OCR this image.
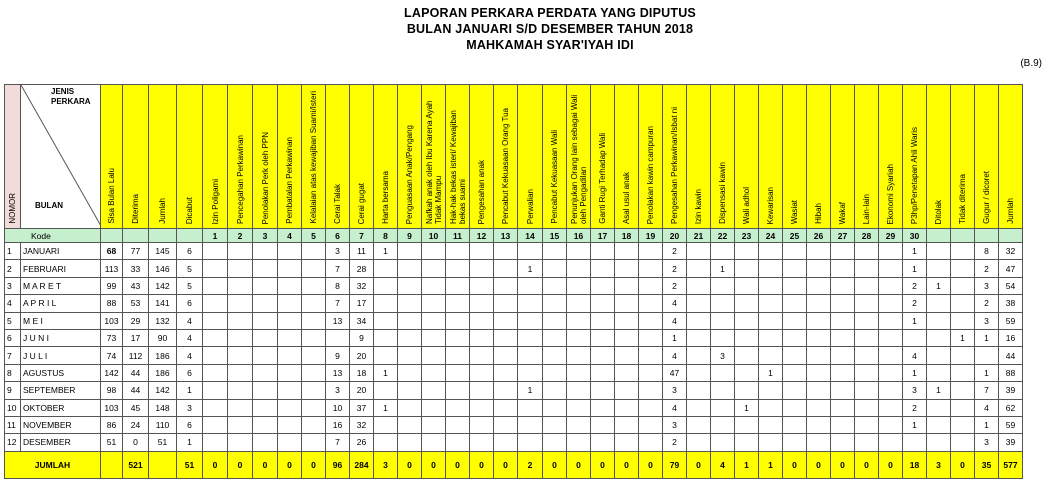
LAPORAN PERKARA PERDATA YANG DIPUTUS
BULAN JANUARI S/D DESEMBER TAHUN 2018
MAHKAMAH SYAR'IYAH IDI
(B.9)
NOMOR	JENIS PERKARA
BULAN	Sisa Bulan Lalu	Diterima	Jumlah	Dicabut	Izin Poligami	Pencegahan Perkawinan	Penolakan Perk oleh PPN	Pembatalan Perkawinan	Kelalaian atas kewajiban Suami/Isteri	Cerai Talak	Cerai gugat	Harta bersama	Penguasaan Anak/Pengang	Nafkah anak oleh Ibu Karena Ayah Tidak Mampu	Hak-hak bekas isteri/ Kewajiban bekas suami	Pengesahan anak	Pencabut Kekuasaan Orang Tua	Perwalian	Pencabut Kekuasaan Wali	Penunjukan Orang lain sebagai Wali oleh Pengadilan	Ganti Rugi Terhadap Wali	Asal usul anak	Penolakan kawin campuran	Pengesahan Perkawinan/Isbat ni	Izin kawin	Dispensasi kawin	Wali adhol	Kewarisan	Wasiat	Hibah	Wakaf	Lain-lain	Ekonomi Syariah	P3hp/Penetapan Ahli Waris	Ditolak	Tidak diterima	Gugur / dicoret	Jumlah
Kode						1	2	3	4	5	6	7	8	9	10	11	12	13	14	15	16	17	18	19	20	21	22	23	24	25	26	27	28	29	30				
1	JANUARI	68	77	145	6						3	11	1												2										1			8	32
2	FEBRUARI	113	33	146	5						7	28							1						2		1								1			2	47
3	M A R E T	99	43	142	5						8	32													2										2	1		3	54
4	A P R I L	88	53	141	6						7	17													4										2			2	38
5	M E I	103	29	132	4						13	34													4										1			3	59
6	J U N I	73	17	90	4							9													1												1	1	16
7	J U L I	74	112	186	4						9	20													4		3								4				44
8	AGUSTUS	142	44	186	6						13	18	1												47				1						1			1	88
9	SEPTEMBER	98	44	142	1						3	20							1						3										3	1		7	39
10	OKTOBER	103	45	148	3						10	37	1												4			1							2			4	62
11	NOVEMBER	86	24	110	6						16	32													3										1			1	59
12	DESEMBER	51	0	51	1						7	26													2													3	39
JUMLAH			521		51	0	0	0	0	0	96	284	3	0	0	0	0	0	2	0	0	0	0	0	79	0	4	1	1	0	0	0	0	0	18	3	0	35	577
